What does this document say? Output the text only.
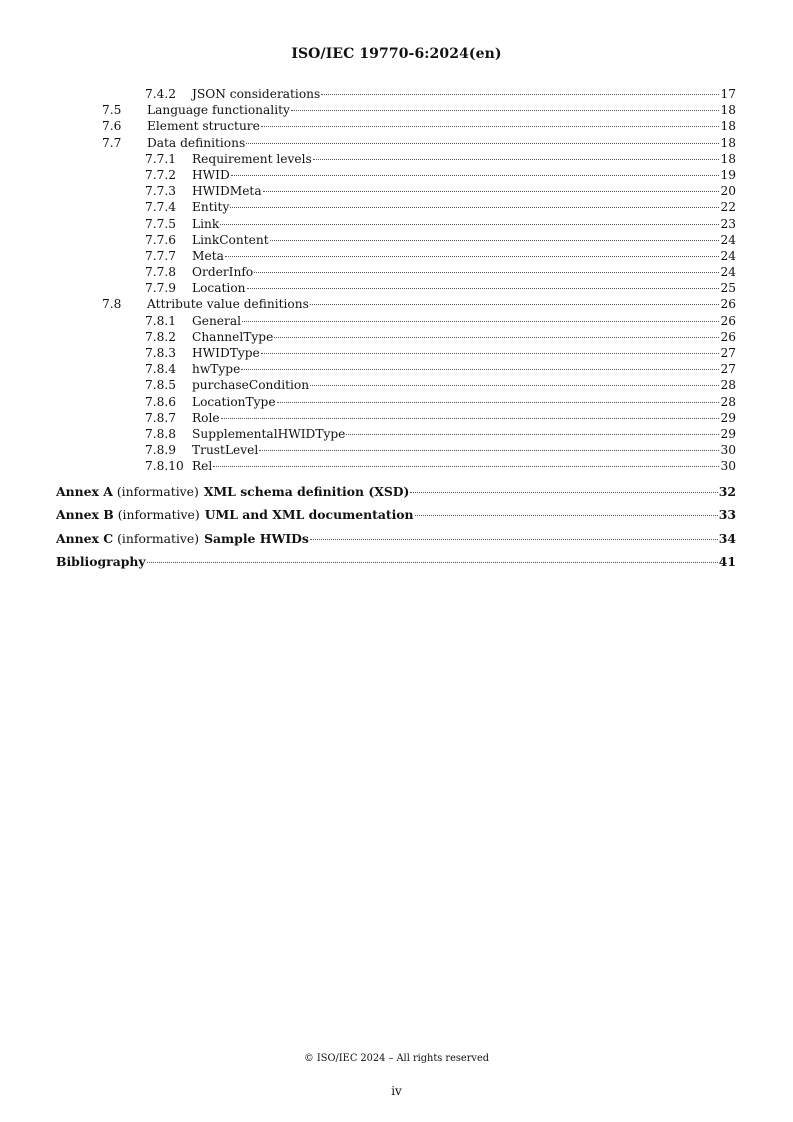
ISO/IEC 19770-6:2024(en)
7.4.2	JSON considerations	17
7.5	Language functionality	18
7.6	Element structure	18
7.7	Data definitions	18
7.7.1	Requirement levels	18
7.7.2	HWID	19
7.7.3	HWIDMeta	20
7.7.4	Entity	22
7.7.5	Link	23
7.7.6	LinkContent	24
7.7.7	Meta	24
7.7.8	OrderInfo	24
7.7.9	Location	25
7.8	Attribute value definitions	26
7.8.1	General	26
7.8.2	ChannelType	26
7.8.3	HWIDType	27
7.8.4	hwType	27
7.8.5	purchaseCondition	28
7.8.6	LocationType	28
7.8.7	Role	29
7.8.8	SupplementalHWIDType	29
7.8.9	TrustLevel	30
7.8.10 Rel	30
Annex A (informative) XML schema definition (XSD)	32
Annex B (informative) UML and XML documentation	33
Annex C (informative) Sample HWIDs	34
Bibliography	41
© ISO/IEC 2024 – All rights reserved
iv
